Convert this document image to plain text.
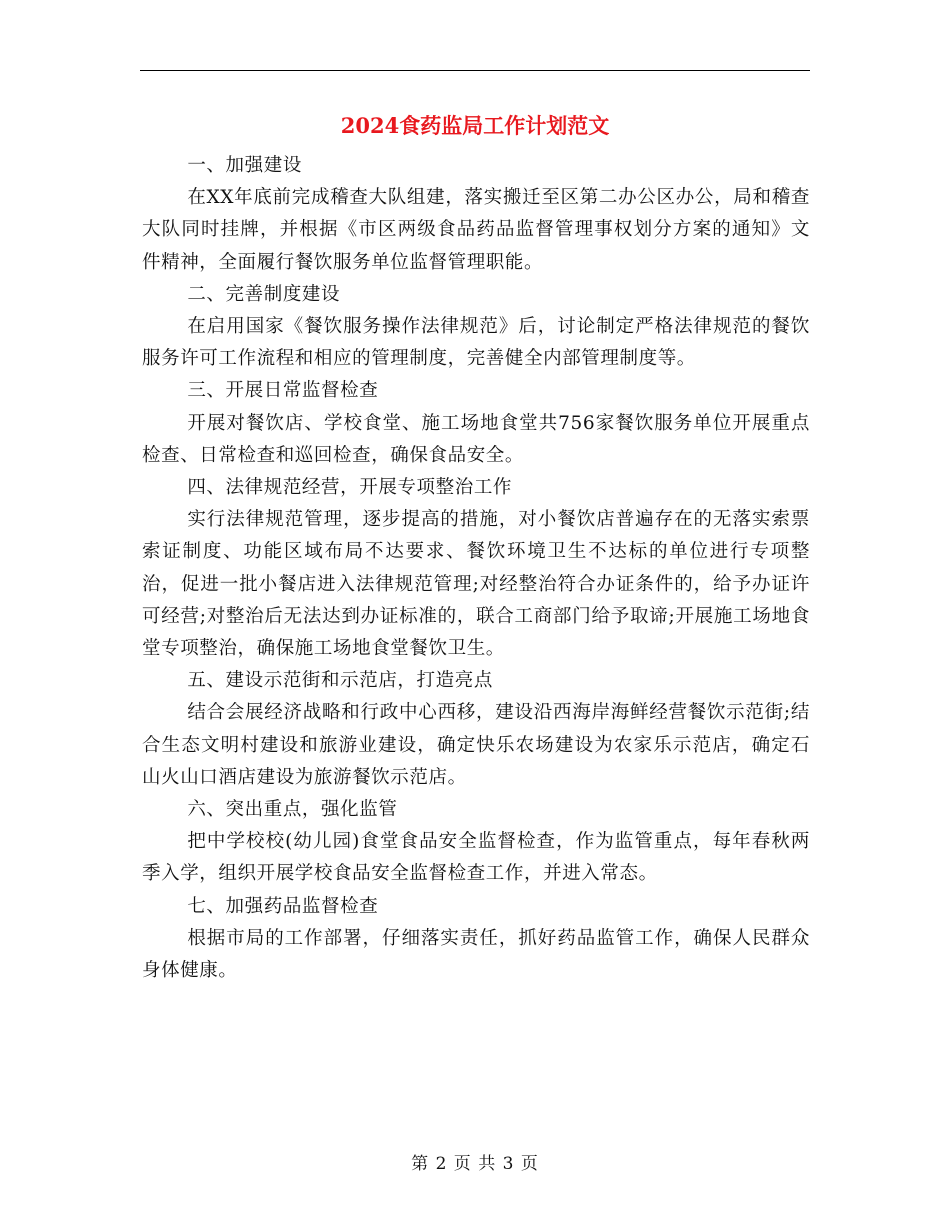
2024食药监局工作计划范文

一、加强建设

在XX年底前完成稽查大队组建，落实搬迁至区第二办公区办公，局和稽查大队同时挂牌，并根据《市区两级食品药品监督管理事权划分方案的通知》文件精神，全面履行餐饮服务单位监督管理职能。

二、完善制度建设

在启用国家《餐饮服务操作法律规范》后，讨论制定严格法律规范的餐饮服务许可工作流程和相应的管理制度，完善健全内部管理制度等。

三、开展日常监督检查

开展对餐饮店、学校食堂、施工场地食堂共756家餐饮服务单位开展重点检查、日常检查和巡回检查，确保食品安全。

四、法律规范经营，开展专项整治工作

实行法律规范管理，逐步提高的措施，对小餐饮店普遍存在的无落实索票索证制度、功能区域布局不达要求、餐饮环境卫生不达标的单位进行专项整治，促进一批小餐店进入法律规范管理;对经整治符合办证条件的，给予办证许可经营;对整治后无法达到办证标准的，联合工商部门给予取谛;开展施工场地食堂专项整治，确保施工场地食堂餐饮卫生。

五、建设示范街和示范店，打造亮点

结合会展经济战略和行政中心西移，建设沿西海岸海鲜经营餐饮示范街;结合生态文明村建设和旅游业建设，确定快乐农场建设为农家乐示范店，确定石山火山口酒店建设为旅游餐饮示范店。

六、突出重点，强化监管

把中学校校(幼儿园)食堂食品安全监督检查，作为监管重点，每年春秋两季入学，组织开展学校食品安全监督检查工作，并进入常态。

七、加强药品监督检查

根据市局的工作部署，仔细落实责任，抓好药品监管工作，确保人民群众身体健康。

第 2 页 共 3 页
